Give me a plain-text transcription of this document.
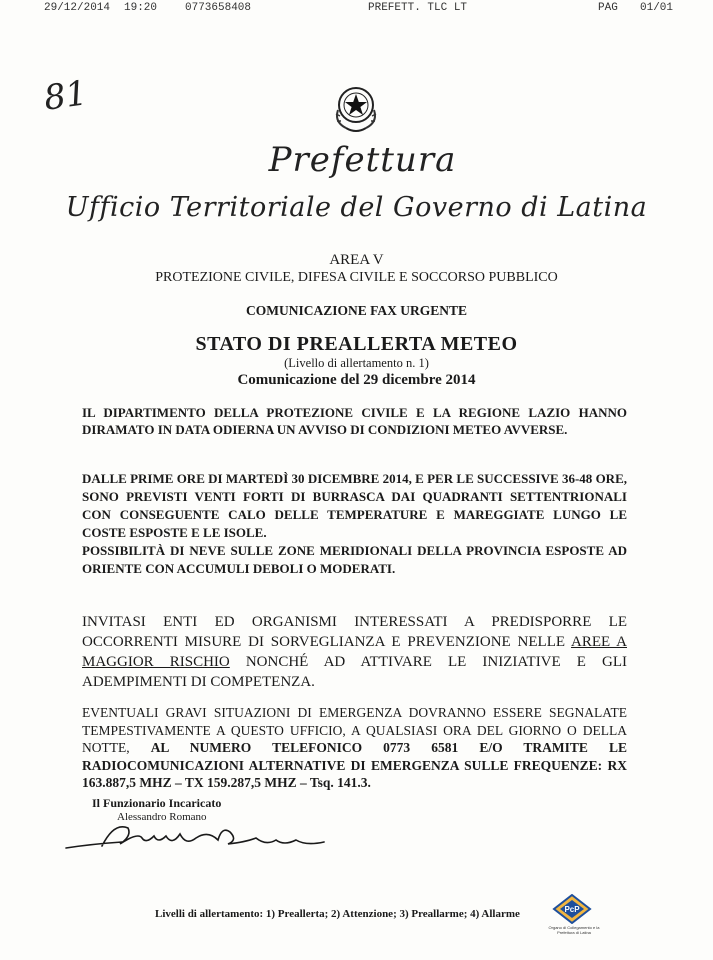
29/12/2014 19:20	0773658408	PREFETT. TLC LT	PAG 01/01
81
Prefettura
Ufficio Territoriale del Governo di Latina
AREA V
PROTEZIONE CIVILE, DIFESA CIVILE E SOCCORSO PUBBLICO
COMUNICAZIONE FAX URGENTE
STATO DI PREALLERTA METEO
(Livello di allertamento n. 1)
Comunicazione del 29 dicembre 2014
IL DIPARTIMENTO DELLA PROTEZIONE CIVILE E LA REGIONE LAZIO HANNO DIRAMATO IN DATA ODIERNA UN AVVISO DI CONDIZIONI METEO AVVERSE.
DALLE PRIME ORE DI MARTEDÌ 30 DICEMBRE 2014, E PER LE SUCCESSIVE 36-48 ORE, SONO PREVISTI VENTI FORTI DI BURRASCA DAI QUADRANTI SETTENTRIONALI CON CONSEGUENTE CALO DELLE TEMPERATURE E MAREGGIATE LUNGO LE COSTE ESPOSTE E LE ISOLE.
POSSIBILITÀ DI NEVE SULLE ZONE MERIDIONALI DELLA PROVINCIA ESPOSTE AD ORIENTE CON ACCUMULI DEBOLI O MODERATI.
INVITASI ENTI ED ORGANISMI INTERESSATI A PREDISPORRE LE OCCORRENTI MISURE DI SORVEGLIANZA E PREVENZIONE NELLE AREE A MAGGIOR RISCHIO NONCHÉ AD ATTIVARE LE INIZIATIVE E GLI ADEMPIMENTI DI COMPETENZA.
EVENTUALI GRAVI SITUAZIONI DI EMERGENZA DOVRANNO ESSERE SEGNALATE TEMPESTIVAMENTE A QUESTO UFFICIO, A QUALSIASI ORA DEL GIORNO O DELLA NOTTE, AL NUMERO TELEFONICO 0773 6581 E/O TRAMITE LE RADIOCOMUNICAZIONI ALTERNATIVE DI EMERGENZA SULLE FREQUENZE: RX 163.887,5 MHZ – TX 159.287,5 MHZ – Tsq. 141.3.
Il Funzionario Incaricato
Alessandro Romano
Livelli di allertamento: 1) Preallerta; 2) Attenzione; 3) Preallarme; 4) Allarme	PcP
Organo di Collegamento e la Prefettura di Latina
